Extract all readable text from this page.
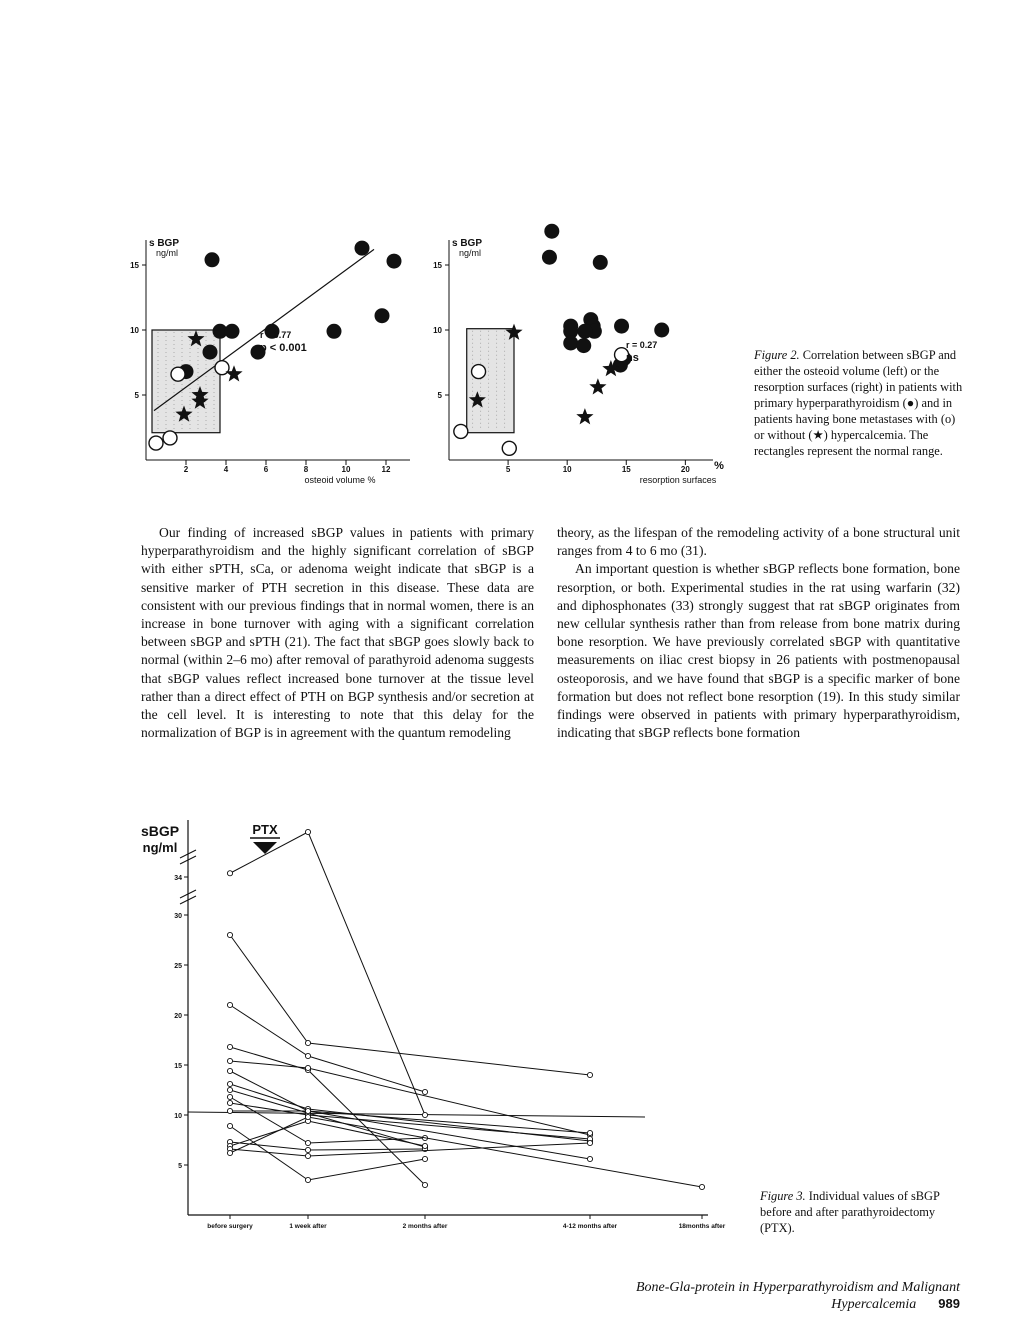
5
10
15
2	4	6	8	10	12
s BGP
ng/ml
osteoid volume %
r = 0.77
p < 0.001
5
10
15
5	10	15	20
s BGP
ng/ml
resorption surfaces
%
r = 0.27
ns	Figure 2. Correlation between sBGP and either the osteoid volume (left) or the resorption surfaces (right) in patients with primary hyperparathyroidism (●) and in patients having bone metastases with (o) or without (★) hypercalcemia. The rectangles represent the normal range.

Our finding of increased sBGP values in patients with primary hyperparathyroidism and the highly significant correlation of sBGP with either sPTH, sCa, or adenoma weight indicate that sBGP is a sensitive marker of PTH secretion in this disease. These data are consistent with our previous findings that in normal women, there is an increase in bone turnover with aging with a significant correlation between sBGP and sPTH (21). The fact that sBGP goes slowly back to normal (within 2–6 mo) after removal of parathyroid adenoma suggests that sBGP values reflect increased bone turnover at the tissue level rather than a direct effect of PTH on BGP synthesis and/or secretion at the cell level. It is interesting to note that this delay for the normalization of BGP is in agreement with the quantum remodeling

theory, as the lifespan of the remodeling activity of a bone structural unit ranges from 4 to 6 mo (31).

An important question is whether sBGP reflects bone formation, bone resorption, or both. Experimental studies in the rat using warfarin (32) and diphosphonates (33) strongly suggest that rat sBGP originates from new cellular synthesis rather than from release from bone matrix during bone resorption. We have previously correlated sBGP with quantitative measurements on iliac crest biopsy in 26 patients with postmenopausal osteoporosis, and we have found that sBGP is a specific marker of bone formation but does not reflect bone resorption (19). In this study similar findings were observed in patients with primary hyperparathyroidism, indicating that sBGP reflects bone formation

5
10
15
20
25
30
34
sBGP
ng/ml
before surgery	1 week after	2 months after	4-12 months after	18months after
PTX
Figure 3. Individual values of sBGP before and after parathyroidectomy (PTX).
Bone-Gla-protein in Hyperparathyroidism and Malignant Hypercalcemia 989
